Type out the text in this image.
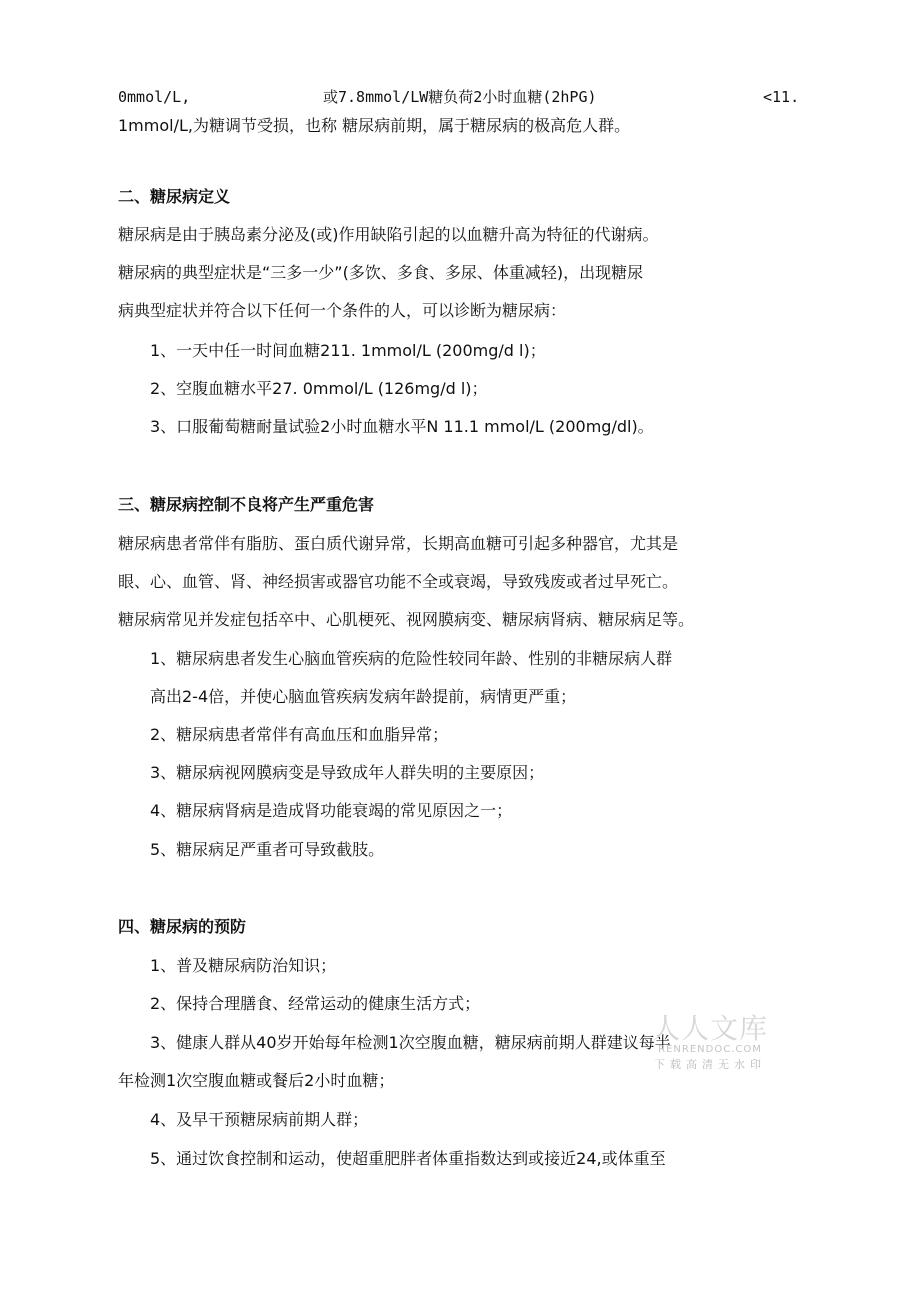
0mmol/L,	或7.8mmol/LW糖负荷2小时血糖(2hPG)	<11.
1mmol/L,为糖调节受损，也称 糖尿病前期，属于糖尿病的极高危人群。
二、糖尿病定义
糖尿病是由于胰岛素分泌及(或)作用缺陷引起的以血糖升高为特征的代谢病。
糖尿病的典型症状是“三多一少”(多饮、多食、多尿、体重减轻)，出现糖尿
病典型症状并符合以下任何一个条件的人，可以诊断为糖尿病：
1、一天中任一时间血糖211. 1mmol/L (200mg/d l)；
2、空腹血糖水平27. 0mmol/L (126mg/d l)；
3、口服葡萄糖耐量试验2小时血糖水平N 11.1 mmol/L (200mg/dl)。
三、糖尿病控制不良将产生严重危害
糖尿病患者常伴有脂肪、蛋白质代谢异常，长期高血糖可引起多种器官，尤其是
眼、心、血管、肾、神经损害或器官功能不全或衰竭，导致残废或者过早死亡。
糖尿病常见并发症包括卒中、心肌梗死、视网膜病变、糖尿病肾病、糖尿病足等。
1、糖尿病患者发生心脑血管疾病的危险性较同年龄、性别的非糖尿病人群
高出2-4倍，并使心脑血管疾病发病年龄提前，病情更严重；
2、糖尿病患者常伴有高血压和血脂异常；
3、糖尿病视网膜病变是导致成年人群失明的主要原因；
4、糖尿病肾病是造成肾功能衰竭的常见原因之一；
5、糖尿病足严重者可导致截肢。
四、糖尿病的预防
1、普及糖尿病防治知识；
2、保持合理膳食、经常运动的健康生活方式；
3、健康人群从40岁开始每年检测1次空腹血糖，糖尿病前期人群建议每半
年检测1次空腹血糖或餐后2小时血糖；
4、及早干预糖尿病前期人群；
5、通过饮食控制和运动，使超重肥胖者体重指数达到或接近24,或体重至
人人文库
RENRENDOC.COM
下载高清无水印
